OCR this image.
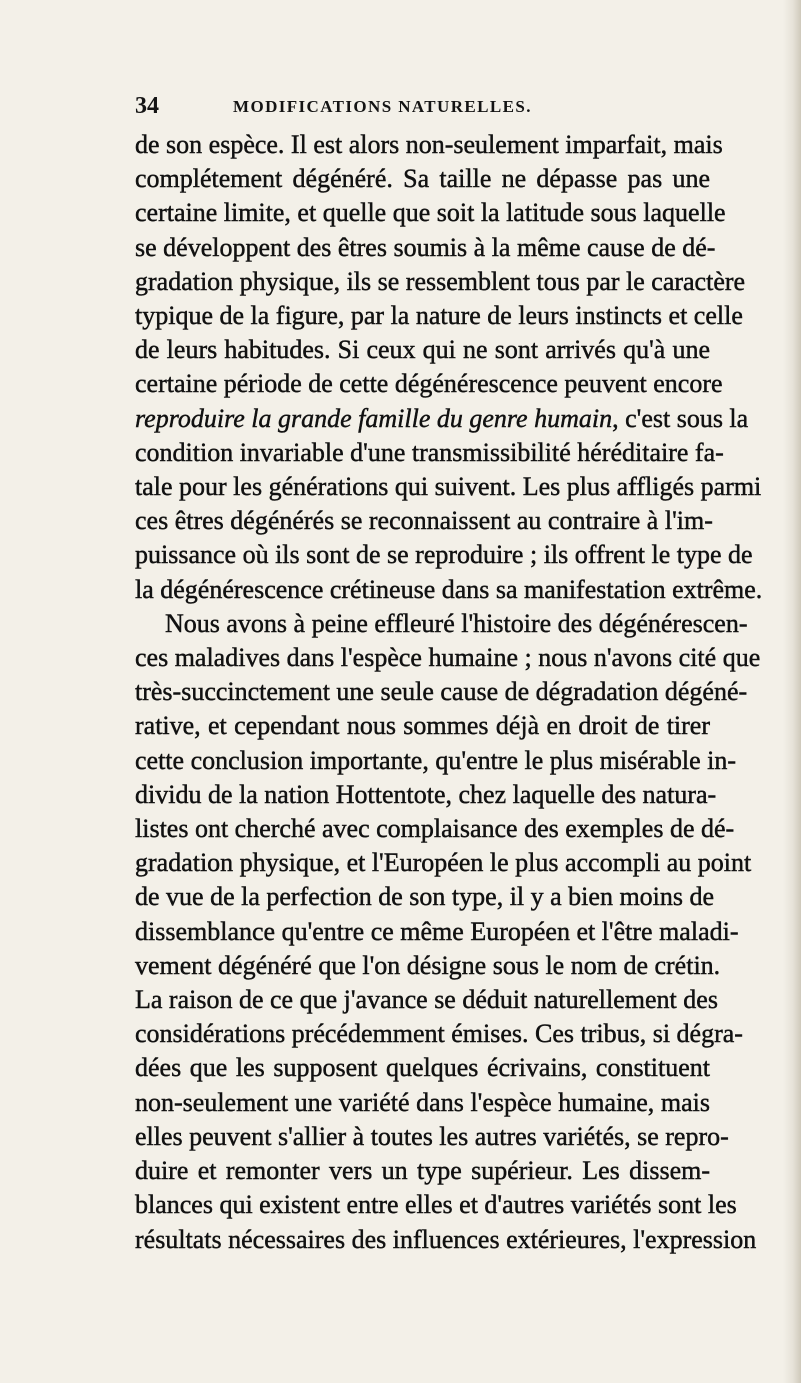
34	MODIFICATIONS NATURELLES.
de son espèce. Il est alors non-seulement imparfait, mais
complétement dégénéré. Sa taille ne dépasse pas une
certaine limite, et quelle que soit la latitude sous laquelle
se développent des êtres soumis à la même cause de dé-
gradation physique, ils se ressemblent tous par le caractère
typique de la figure, par la nature de leurs instincts et celle
de leurs habitudes. Si ceux qui ne sont arrivés qu'à une
certaine période de cette dégénérescence peuvent encore
reproduire la grande famille du genre humain, c'est sous la
condition invariable d'une transmissibilité héréditaire fa-
tale pour les générations qui suivent. Les plus affligés parmi
ces êtres dégénérés se reconnaissent au contraire à l'im-
puissance où ils sont de se reproduire ; ils offrent le type de
la dégénérescence crétineuse dans sa manifestation extrême.
Nous avons à peine effleuré l'histoire des dégénérescen-
ces maladives dans l'espèce humaine ; nous n'avons cité que
très-succinctement une seule cause de dégradation dégéné-
rative, et cependant nous sommes déjà en droit de tirer
cette conclusion importante, qu'entre le plus misérable in-
dividu de la nation Hottentote, chez laquelle des natura-
listes ont cherché avec complaisance des exemples de dé-
gradation physique, et l'Européen le plus accompli au point
de vue de la perfection de son type, il y a bien moins de
dissemblance qu'entre ce même Européen et l'être maladi-
vement dégénéré que l'on désigne sous le nom de crétin.
La raison de ce que j'avance se déduit naturellement des
considérations précédemment émises. Ces tribus, si dégra-
dées que les supposent quelques écrivains, constituent
non-seulement une variété dans l'espèce humaine, mais
elles peuvent s'allier à toutes les autres variétés, se repro-
duire et remonter vers un type supérieur. Les dissem-
blances qui existent entre elles et d'autres variétés sont les
résultats nécessaires des influences extérieures, l'expression
